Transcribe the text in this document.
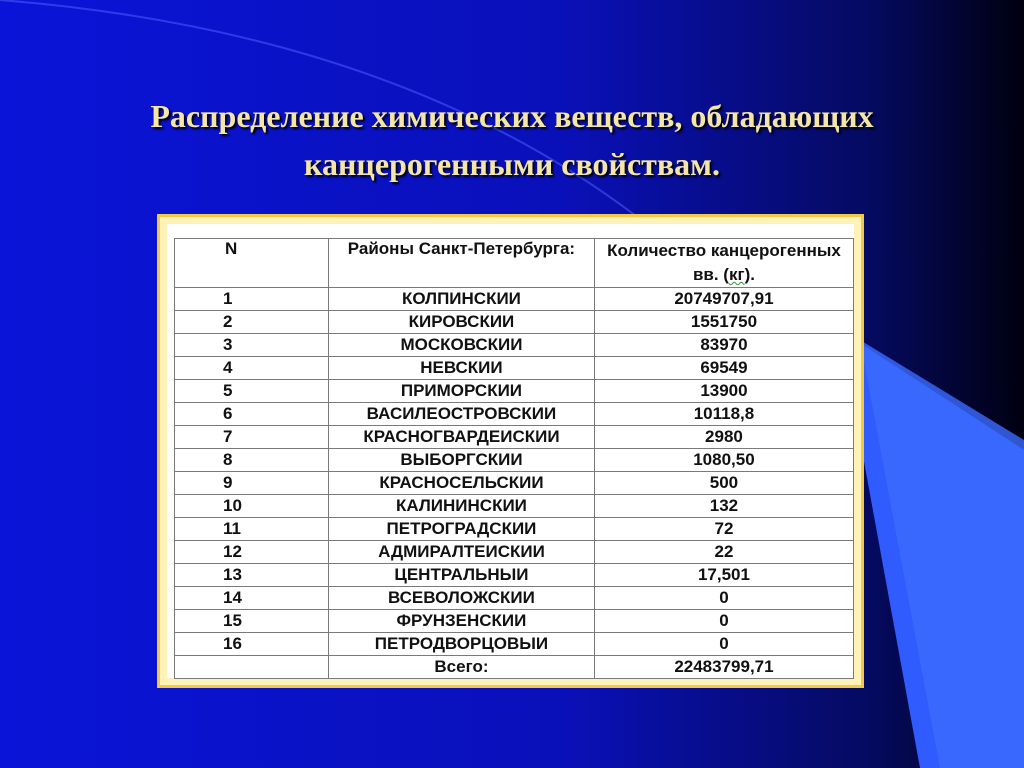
Распределение химических веществ, обладающих
канцерогенными свойствам.
N	Районы Санкт-Петербурга:	Количество канцерогенных
вв. (кг).
1	КОЛПИНСКИИ	20749707,91
2	КИРОВСКИИ	1551750
3	МОСКОВСКИИ	83970
4	НЕВСКИИ	69549
5	ПРИМОРСКИИ	13900
6	ВАСИЛЕОСТРОВСКИИ	10118,8
7	КРАСНОГВАРДЕИСКИИ	2980
8	ВЫБОРГСКИИ	1080,50
9	КРАСНОСЕЛЬСКИИ	500
10	КАЛИНИНСКИИ	132
11	ПЕТРОГРАДСКИИ	72
12	АДМИРАЛТЕИСКИИ	22
13	ЦЕНТРАЛЬНЫИ	17,501
14	ВСЕВОЛОЖСКИИ	0
15	ФРУНЗЕНСКИИ	0
16	ПЕТРОДВОРЦОВЫИ	0
	Всего:	22483799,71
